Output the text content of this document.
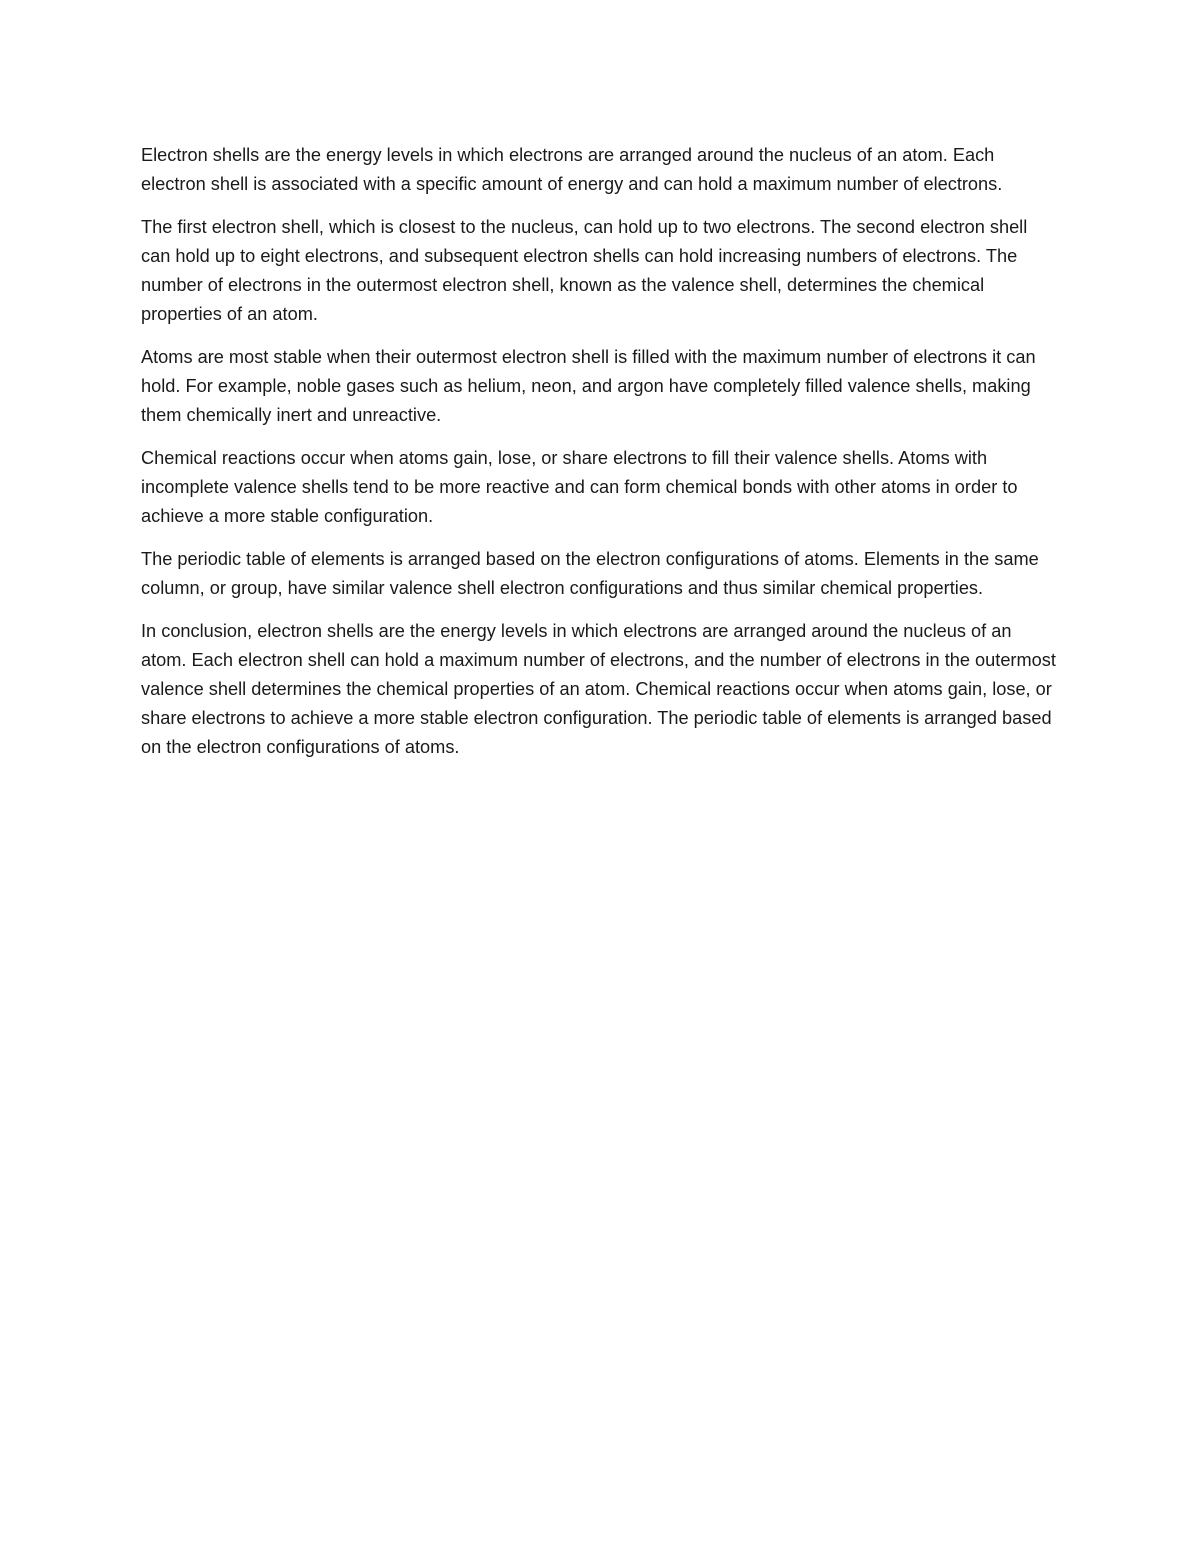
Electron shells are the energy levels in which electrons are arranged around the nucleus of an atom. Each electron shell is associated with a specific amount of energy and can hold a maximum number of electrons.

The first electron shell, which is closest to the nucleus, can hold up to two electrons. The second electron shell can hold up to eight electrons, and subsequent electron shells can hold increasing numbers of electrons. The number of electrons in the outermost electron shell, known as the valence shell, determines the chemical properties of an atom.

Atoms are most stable when their outermost electron shell is filled with the maximum number of electrons it can hold. For example, noble gases such as helium, neon, and argon have completely filled valence shells, making them chemically inert and unreactive.

Chemical reactions occur when atoms gain, lose, or share electrons to fill their valence shells. Atoms with incomplete valence shells tend to be more reactive and can form chemical bonds with other atoms in order to achieve a more stable configuration.

The periodic table of elements is arranged based on the electron configurations of atoms. Elements in the same column, or group, have similar valence shell electron configurations and thus similar chemical properties.

In conclusion, electron shells are the energy levels in which electrons are arranged around the nucleus of an atom. Each electron shell can hold a maximum number of electrons, and the number of electrons in the outermost valence shell determines the chemical properties of an atom. Chemical reactions occur when atoms gain, lose, or share electrons to achieve a more stable electron configuration. The periodic table of elements is arranged based on the electron configurations of atoms.
